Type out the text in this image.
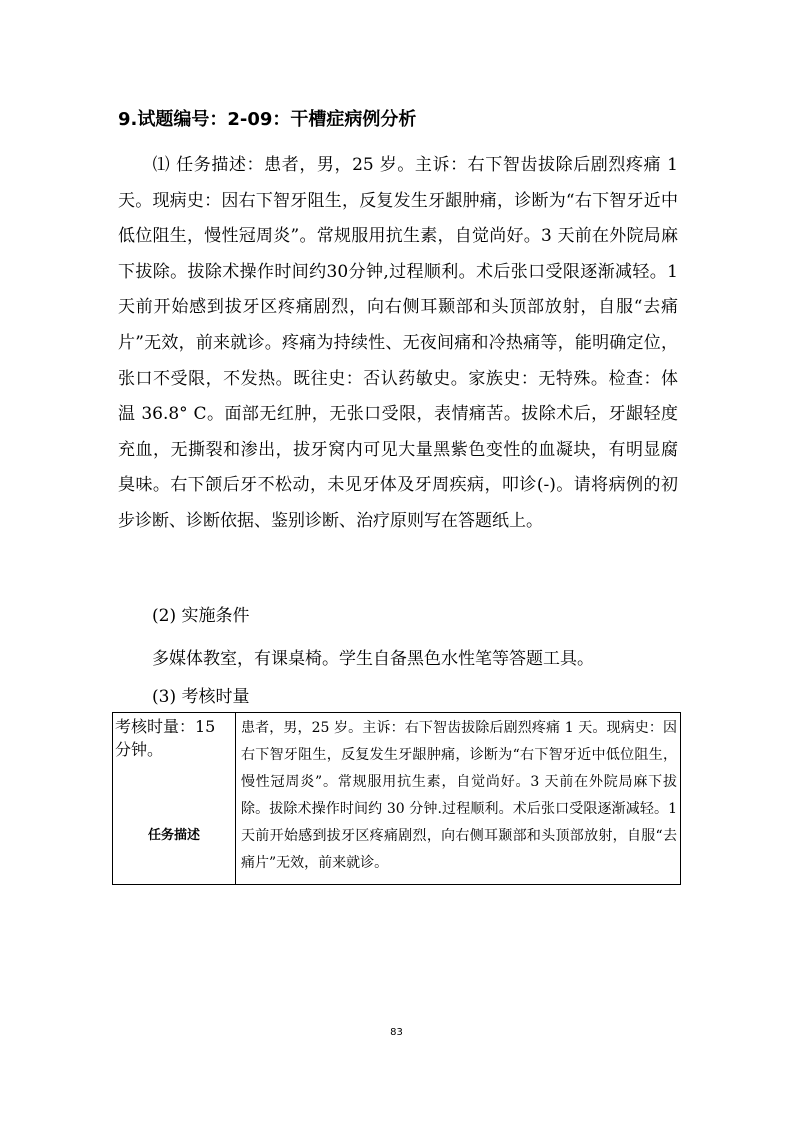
9.试题编号：2-09：干槽症病例分析
⑴ 任务描述：患者，男，25 岁。主诉：右下智齿拔除后剧烈疼痛 1 天。现病史：因右下智牙阻生，反复发生牙龈肿痛，诊断为“右下智牙近中低位阻生，慢性冠周炎”。常规服用抗生素，自觉尚好。3 天前在外院局麻下拔除。拔除术操作时间约30分钟,过程顺利。术后张口受限逐渐减轻。1 天前开始感到拔牙区疼痛剧烈，向右侧耳颞部和头顶部放射，自服“去痛片”无效，前来就诊。疼痛为持续性、无夜间痛和冷热痛等，能明确定位，张口不受限，不发热。既往史：否认药敏史。家族史：无特殊。检查：体温 36.8° C。面部无红肿，无张口受限，表情痛苦。拔除术后，牙龈轻度充血，无撕裂和渗出，拔牙窝内可见大量黑紫色变性的血凝块，有明显腐臭味。右下颌后牙不松动，未见牙体及牙周疾病，叩诊(-)。请将病例的初步诊断、诊断依据、鉴别诊断、治疗原则写在答题纸上。
(2) 实施条件
多媒体教室，有课桌椅。学生自备黑色水性笔等答题工具。
(3) 考核时量
考核时量：15 分钟。
任务描述
患者，男，25 岁。主诉：右下智齿拔除后剧烈疼痛 1 天。现病史：因右下智牙阻生，反复发生牙龈肿痛，诊断为“右下智牙近中低位阻生，慢性冠周炎”。常规服用抗生素，自觉尚好。3 天前在外院局麻下拔除。拔除术操作时间约 30 分钟.过程顺利。术后张口受限逐渐减轻。1 天前开始感到拔牙区疼痛剧烈，向右侧耳颞部和头顶部放射，自服“去痛片”无效，前来就诊。
83
